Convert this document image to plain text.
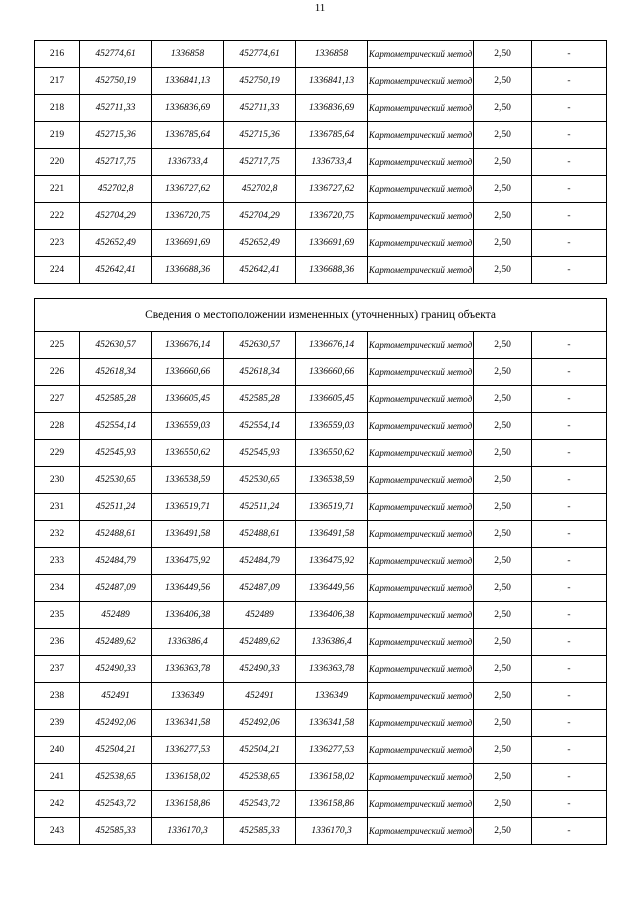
11
216	452774,61	1336858	452774,61	1336858	Картометрический метод	2,50	-
217	452750,19	1336841,13	452750,19	1336841,13	Картометрический метод	2,50	-
218	452711,33	1336836,69	452711,33	1336836,69	Картометрический метод	2,50	-
219	452715,36	1336785,64	452715,36	1336785,64	Картометрический метод	2,50	-
220	452717,75	1336733,4	452717,75	1336733,4	Картометрический метод	2,50	-
221	452702,8	1336727,62	452702,8	1336727,62	Картометрический метод	2,50	-
222	452704,29	1336720,75	452704,29	1336720,75	Картометрический метод	2,50	-
223	452652,49	1336691,69	452652,49	1336691,69	Картометрический метод	2,50	-
224	452642,41	1336688,36	452642,41	1336688,36	Картометрический метод	2,50	-
Сведения о местоположении измененных (уточненных) границ объекта							
225	452630,57	1336676,14	452630,57	1336676,14	Картометрический метод	2,50	-
226	452618,34	1336660,66	452618,34	1336660,66	Картометрический метод	2,50	-
227	452585,28	1336605,45	452585,28	1336605,45	Картометрический метод	2,50	-
228	452554,14	1336559,03	452554,14	1336559,03	Картометрический метод	2,50	-
229	452545,93	1336550,62	452545,93	1336550,62	Картометрический метод	2,50	-
230	452530,65	1336538,59	452530,65	1336538,59	Картометрический метод	2,50	-
231	452511,24	1336519,71	452511,24	1336519,71	Картометрический метод	2,50	-
232	452488,61	1336491,58	452488,61	1336491,58	Картометрический метод	2,50	-
233	452484,79	1336475,92	452484,79	1336475,92	Картометрический метод	2,50	-
234	452487,09	1336449,56	452487,09	1336449,56	Картометрический метод	2,50	-
235	452489	1336406,38	452489	1336406,38	Картометрический метод	2,50	-
236	452489,62	1336386,4	452489,62	1336386,4	Картометрический метод	2,50	-
237	452490,33	1336363,78	452490,33	1336363,78	Картометрический метод	2,50	-
238	452491	1336349	452491	1336349	Картометрический метод	2,50	-
239	452492,06	1336341,58	452492,06	1336341,58	Картометрический метод	2,50	-
240	452504,21	1336277,53	452504,21	1336277,53	Картометрический метод	2,50	-
241	452538,65	1336158,02	452538,65	1336158,02	Картометрический метод	2,50	-
242	452543,72	1336158,86	452543,72	1336158,86	Картометрический метод	2,50	-
243	452585,33	1336170,3	452585,33	1336170,3	Картометрический метод	2,50	-
